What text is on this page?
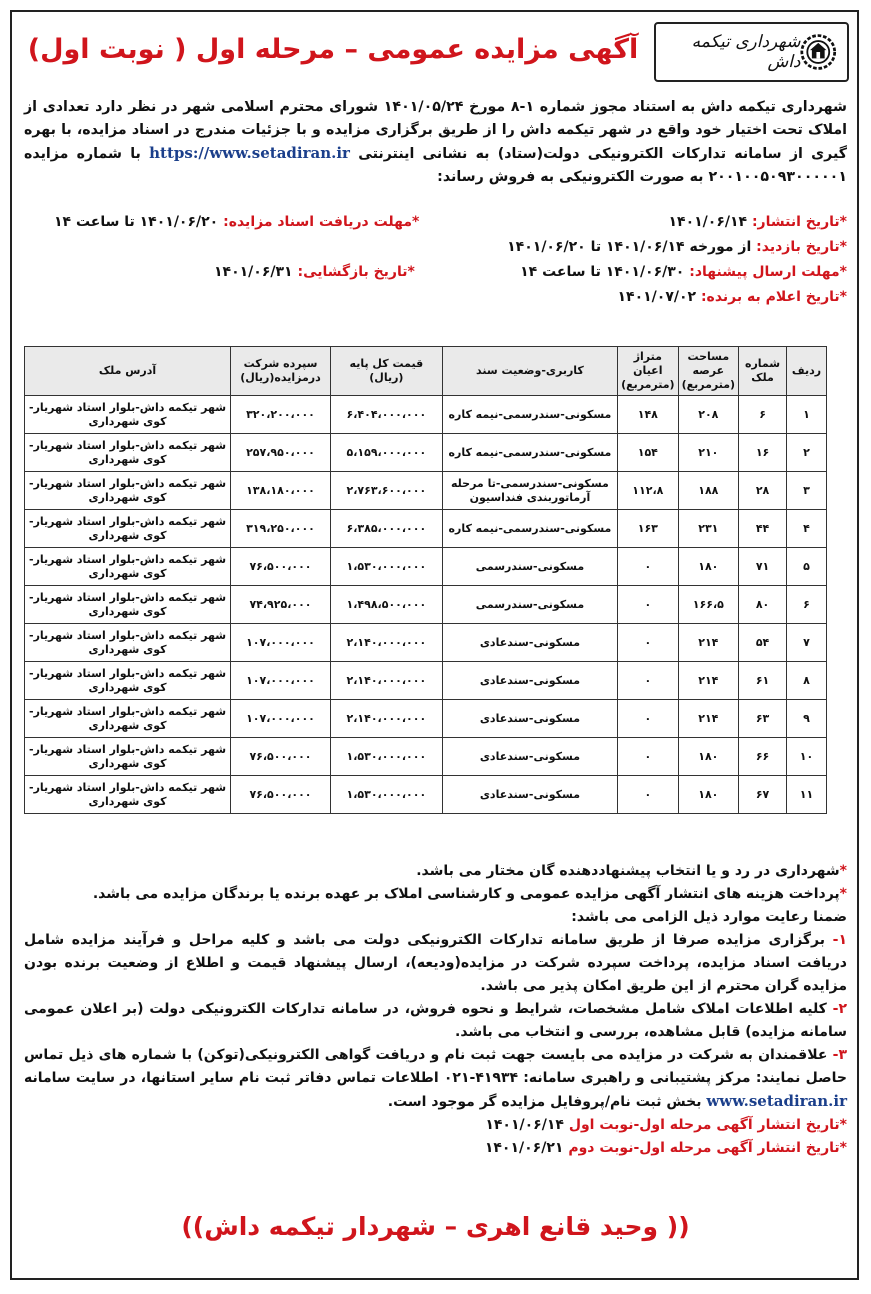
شهرداری تیکمه داش
آگهی مزایده عمومی – مرحله اول ( نوبت اول)
شهرداری تیکمه داش به استناد مجوز شماره ۱-۸ مورخ ۱۴۰۱/۰۵/۲۴ شورای محترم اسلامی شهر در نظر دارد تعدادی از املاک تحت اختیار خود واقع در شهر تیکمه داش را از طریق برگزاری مزایده و با جزئیات مندرج در اسناد مزایده، با بهره گیری از سامانه تدارکات الکترونیکی دولت(ستاد) به نشانی اینترنتی https://www.setadiran.ir با شماره مزایده ۲۰۰۱۰۰۵۰۹۳۰۰۰۰۰۱ به صورت الکترونیکی به فروش رساند:
*تاریخ انتشار: ۱۴۰۱/۰۶/۱۴
*مهلت دریافت اسناد مزایده: ۱۴۰۱/۰۶/۲۰ تا ساعت ۱۴
*تاریخ بازدید: از مورخه ۱۴۰۱/۰۶/۱۴ تا ۱۴۰۱/۰۶/۲۰
*مهلت ارسال پیشنهاد: ۱۴۰۱/۰۶/۳۰ تا ساعت ۱۴
*تاریخ بازگشایی: ۱۴۰۱/۰۶/۳۱
*تاریخ اعلام به برنده: ۱۴۰۱/۰۷/۰۲
ردیف	شماره ملک	مساحت عرصه (مترمربع)	متراژ اعیان (مترمربع)	کاربری-وضعیت سند	قیمت کل پایه (ریال)	سپرده شرکت درمزایده(ریال)	آدرس ملک
۱	۶	۲۰۸	۱۴۸	مسکونی-سندرسمی-نیمه کاره	۶،۴۰۴،۰۰۰،۰۰۰	۳۲۰،۲۰۰،۰۰۰	شهر تیکمه داش-بلوار استاد شهریار-کوی شهرداری
۲	۱۶	۲۱۰	۱۵۴	مسکونی-سندرسمی-نیمه کاره	۵،۱۵۹،۰۰۰،۰۰۰	۲۵۷،۹۵۰،۰۰۰	شهر تیکمه داش-بلوار استاد شهریار-کوی شهرداری
۳	۲۸	۱۸۸	۱۱۲،۸	مسکونی-سندرسمی-تا مرحله آرماتوربندی فنداسیون	۲،۷۶۳،۶۰۰،۰۰۰	۱۳۸،۱۸۰،۰۰۰	شهر تیکمه داش-بلوار استاد شهریار-کوی شهرداری
۴	۴۴	۲۳۱	۱۶۳	مسکونی-سندرسمی-نیمه کاره	۶،۳۸۵،۰۰۰،۰۰۰	۳۱۹،۲۵۰،۰۰۰	شهر تیکمه داش-بلوار استاد شهریار-کوی شهرداری
۵	۷۱	۱۸۰	۰	مسکونی-سندرسمی	۱،۵۳۰،۰۰۰،۰۰۰	۷۶،۵۰۰،۰۰۰	شهر تیکمه داش-بلوار استاد شهریار-کوی شهرداری
۶	۸۰	۱۶۶،۵	۰	مسکونی-سندرسمی	۱،۴۹۸،۵۰۰،۰۰۰	۷۴،۹۲۵،۰۰۰	شهر تیکمه داش-بلوار استاد شهریار-کوی شهرداری
۷	۵۴	۲۱۴	۰	مسکونی-سندعادی	۲،۱۴۰،۰۰۰،۰۰۰	۱۰۷،۰۰۰،۰۰۰	شهر تیکمه داش-بلوار استاد شهریار-کوی شهرداری
۸	۶۱	۲۱۴	۰	مسکونی-سندعادی	۲،۱۴۰،۰۰۰،۰۰۰	۱۰۷،۰۰۰،۰۰۰	شهر تیکمه داش-بلوار استاد شهریار-کوی شهرداری
۹	۶۳	۲۱۴	۰	مسکونی-سندعادی	۲،۱۴۰،۰۰۰،۰۰۰	۱۰۷،۰۰۰،۰۰۰	شهر تیکمه داش-بلوار استاد شهریار-کوی شهرداری
۱۰	۶۶	۱۸۰	۰	مسکونی-سندعادی	۱،۵۳۰،۰۰۰،۰۰۰	۷۶،۵۰۰،۰۰۰	شهر تیکمه داش-بلوار استاد شهریار-کوی شهرداری
۱۱	۶۷	۱۸۰	۰	مسکونی-سندعادی	۱،۵۳۰،۰۰۰،۰۰۰	۷۶،۵۰۰،۰۰۰	شهر تیکمه داش-بلوار استاد شهریار-کوی شهرداری
*شهرداری در رد و یا انتخاب پیشنهاددهنده گان مختار می باشد.
*پرداخت هزینه های انتشار آگهی مزایده عمومی و کارشناسی املاک بر عهده برنده یا برندگان مزایده می باشد.
ضمنا رعایت موارد ذیل الزامی می باشد:
۱- برگزاری مزایده صرفا از طریق سامانه تدارکات الکترونیکی دولت می باشد و کلیه مراحل و فرآیند مزایده شامل دریافت اسناد مزایده، پرداخت سپرده شرکت در مزایده(ودیعه)، ارسال پیشنهاد قیمت و اطلاع از وضعیت برنده بودن مزایده گران محترم از این طریق امکان پذیر می باشد.
۲- کلیه اطلاعات املاک شامل مشخصات، شرایط و نحوه فروش، در سامانه تدارکات الکترونیکی دولت (بر اعلان عمومی سامانه مزایده) قابل مشاهده، بررسی و انتخاب می باشد.
۳- علاقمندان به شرکت در مزایده می بایست جهت ثبت نام و دریافت گواهی الکترونیکی(توکن) با شماره های ذیل تماس حاصل نمایند: مرکز پشتیبانی و راهبری سامانه: ۴۱۹۳۴-۰۲۱ اطلاعات تماس دفاتر ثبت نام سایر استانها، در سایت سامانه www.setadiran.ir بخش ثبت نام/پروفایل مزایده گر موجود است.
*تاریخ انتشار آگهی مرحله اول-نوبت اول ۱۴۰۱/۰۶/۱۴
*تاریخ انتشار آگهی مرحله اول-نوبت دوم ۱۴۰۱/۰۶/۲۱
(( وحید قانع اهری – شهردار تیکمه داش))
